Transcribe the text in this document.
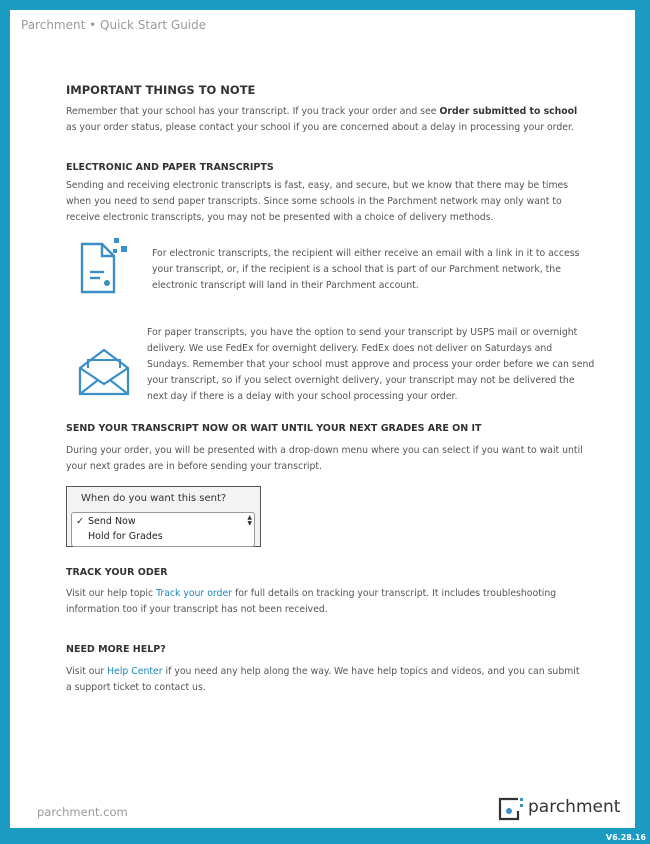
Parchment • Quick Start Guide
IMPORTANT THINGS TO NOTE

Remember that your school has your transcript. If you track your order and see Order submitted to school as your order status, please contact your school if you are concerned about a delay in processing your order.

ELECTRONIC AND PAPER TRANSCRIPTS

Sending and receiving electronic transcripts is fast, easy, and secure, but we know that there may be times when you need to send paper transcripts. Since some schools in the Parchment network may only want to receive electronic transcripts, you may not be presented with a choice of delivery methods.

For electronic transcripts, the recipient will either receive an email with a link in it to access your transcript, or, if the recipient is a school that is part of our Parchment network, the electronic transcript will land in their Parchment account.

For paper transcripts, you have the option to send your transcript by USPS mail or overnight delivery. We use FedEx for overnight delivery. FedEx does not deliver on Saturdays and Sundays. Remember that your school must approve and process your order before we can send your transcript, so if you select overnight delivery, your transcript may not be delivered the next day if there is a delay with your school processing your order.

SEND YOUR TRANSCRIPT NOW OR WAIT UNTIL YOUR NEXT GRADES ARE ON IT

During your order, you will be presented with a drop-down menu where you can select if you want to wait until your next grades are in before sending your transcript.

When do you want this sent?
✓ Send Now
Hold for Grades
▲
▼
TRACK YOUR ODER

Visit our help topic Track your order for full details on tracking your transcript. It includes troubleshooting information too if your transcript has not been received.

NEED MORE HELP?

Visit our Help Center if you need any help along the way. We have help topics and videos, and you can submit a support ticket to contact us.

parchment.com	parchment
V6.28.16
